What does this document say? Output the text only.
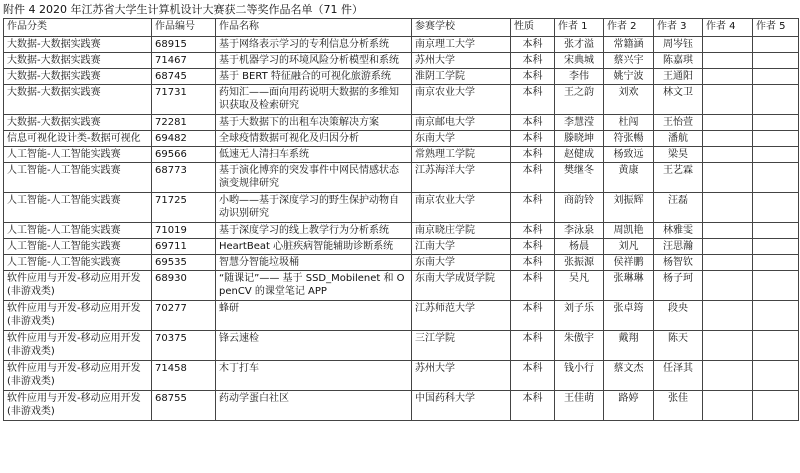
附件 4 2020 年江苏省大学生计算机设计大赛获二等奖作品名单（71 件）
作品分类	作品编号	作品名称	参赛学校	性质	作者 1	作者 2	作者 3	作者 4	作者 5
大数据-大数据实践赛	68915	基于网络表示学习的专利信息分析系统	南京理工大学	本科	张才溢	常籍涵	周岑钰		
大数据-大数据实践赛	71467	基于机器学习的环境风险分析模型和系统	苏州大学	本科	宋典城	蔡兴宇	陈嘉琪		
大数据-大数据实践赛	68745	基于 BERT 特征融合的可视化旅游系统	淮阴工学院	本科	李伟	姚宁波	王通阳		
大数据-大数据实践赛	71731	药知汇——面向用药说明大数据的多维知识获取及检索研究	南京农业大学	本科	王之韵	刘欢	林文卫		
大数据-大数据实践赛	72281	基于大数据下的出租车决策解决方案	南京邮电大学	本科	李慧滢	杜闯	王怡萱		
信息可视化设计类-数据可视化	69482	全球疫情数据可视化及归因分析	东南大学	本科	滕晓坤	符张暢	潘航		
人工智能-人工智能实践赛	69566	低速无人清扫车系统	常熟理工学院	本科	赵健成	杨致远	梁昊		
人工智能-人工智能实践赛	68773	基于演化博弈的突发事件中网民情感状态演变规律研究	江苏海洋大学	本科	樊继冬	黄康	王艺霖		
人工智能-人工智能实践赛	71725	小哟——基于深度学习的野生保护动物自动识别研究	南京农业大学	本科	商韵铃	刘振辉	汪磊		
人工智能-人工智能实践赛	71019	基于深度学习的线上教学行为分析系统	南京晓庄学院	本科	李泳泉	周凯艳	林雅雯		
人工智能-人工智能实践赛	69711	HeartBeat 心脏疾病智能辅助诊断系统	江南大学	本科	杨晨	刘凡	汪思瀚		
人工智能-人工智能实践赛	69535	智慧分智能垃圾桶	东南大学	本科	张振源	侯祥鹏	杨智钦		
软件应用与开发-移动应用开发(非游戏类)	68930	“随课记”—— 基于 SSD_Mobilenet 和 OpenCV 的课堂笔记 APP	东南大学成贤学院	本科	吴凡	张琳琳	杨子珂		
软件应用与开发-移动应用开发(非游戏类)	70277	蜂研	江苏师范大学	本科	刘子乐	张卓筠	段央		
软件应用与开发-移动应用开发(非游戏类)	70375	锋云速检	三江学院	本科	朱傲宇	戴翔	陈天		
软件应用与开发-移动应用开发(非游戏类)	71458	木丁打车	苏州大学	本科	钱小行	蔡文杰	任泽其		
软件应用与开发-移动应用开发(非游戏类)	68755	药动学蛋白社区	中国药科大学	本科	王佳萌	路婷	张佳		
